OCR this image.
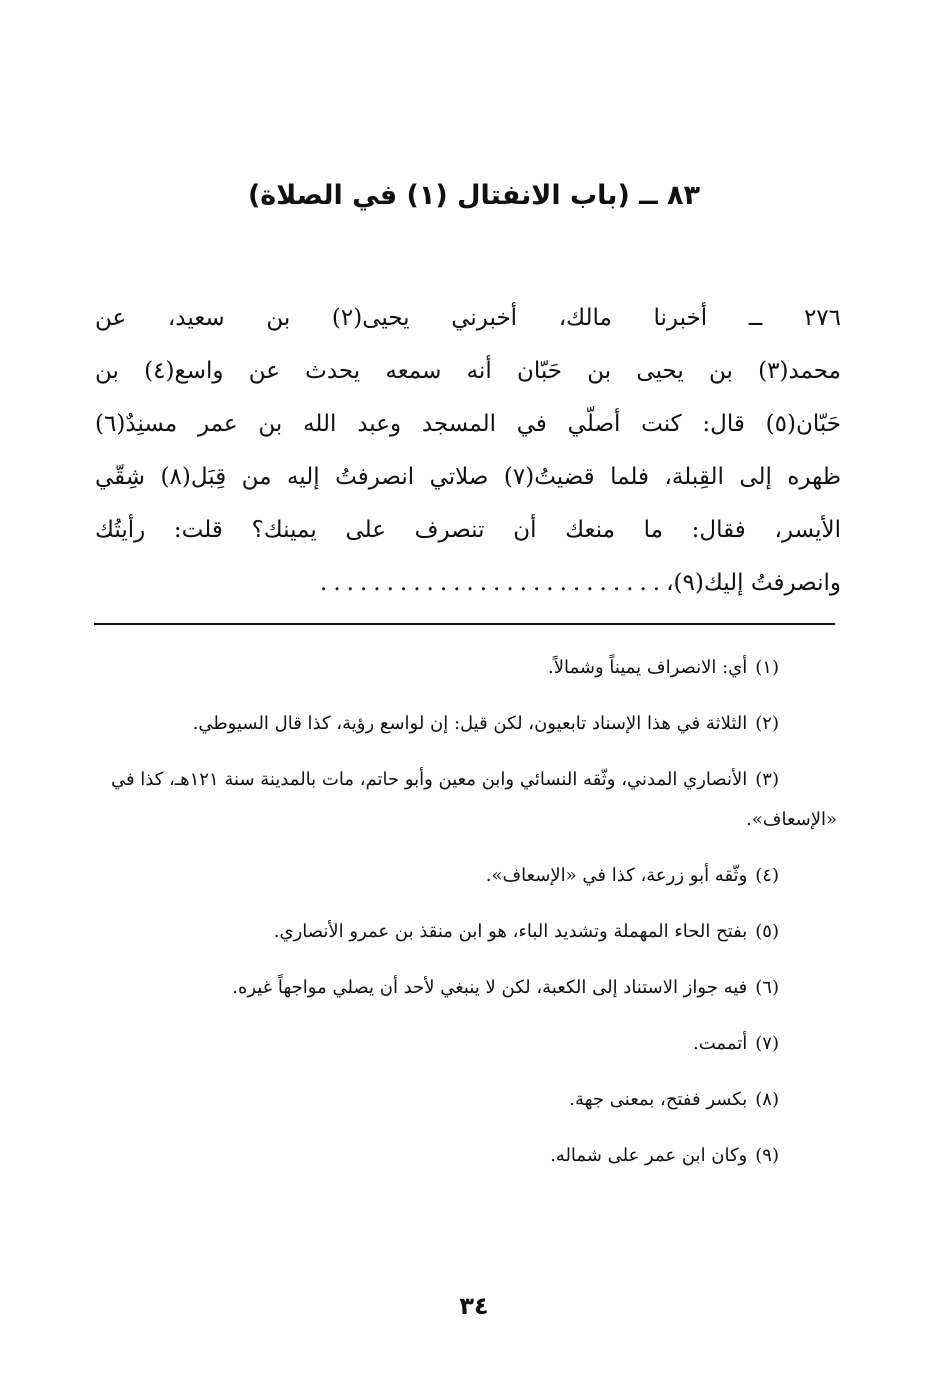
٨٣ ــ (باب الانفتال (١) في الصلاة)
٢٧٦ ــ أخبرنا مالك، أخبرني يحيى(٢) بن سعيد، عن
محمد(٣) بن يحيى بن حَبّان أنه سمعه يحدث عن واسع(٤) بن
حَبّان(٥) قال: كنت أصلّي في المسجد وعبد الله بن عمر مسنِدٌ(٦)
ظهره إلى القِبلة، فلما قضيتُ(٧) صلاتي انصرفتُ إليه من قِبَل(٨) شِقّي
الأيسر، فقال: ما منعك أن تنصرف على يمينك؟ قلت: رأيتُك
وانصرفتُ إليك(٩)،
..........................
(١)أي: الانصراف يميناً وشمالاً.
(٢)الثلاثة في هذا الإسناد تابعيون، لكن قيل: إن لواسع رؤية، كذا قال السيوطي.
(٣)الأنصاري المدني، وثّقه النسائي وابن معين وأبو حاتم، مات بالمدينة سنة ١٢١هـ، كذا في «الإسعاف».
(٤)وثّقه أبو زرعة، كذا في «الإسعاف».
(٥)بفتح الحاء المهملة وتشديد الباء، هو ابن منقذ بن عمرو الأنصاري.
(٦)فيه جواز الاستناد إلى الكعبة، لكن لا ينبغي لأحد أن يصلي مواجهاً غيره.
(٧)أتممت.
(٨)بكسر ففتح، بمعنى جهة.
(٩)وكان ابن عمر على شماله.
٣٤
